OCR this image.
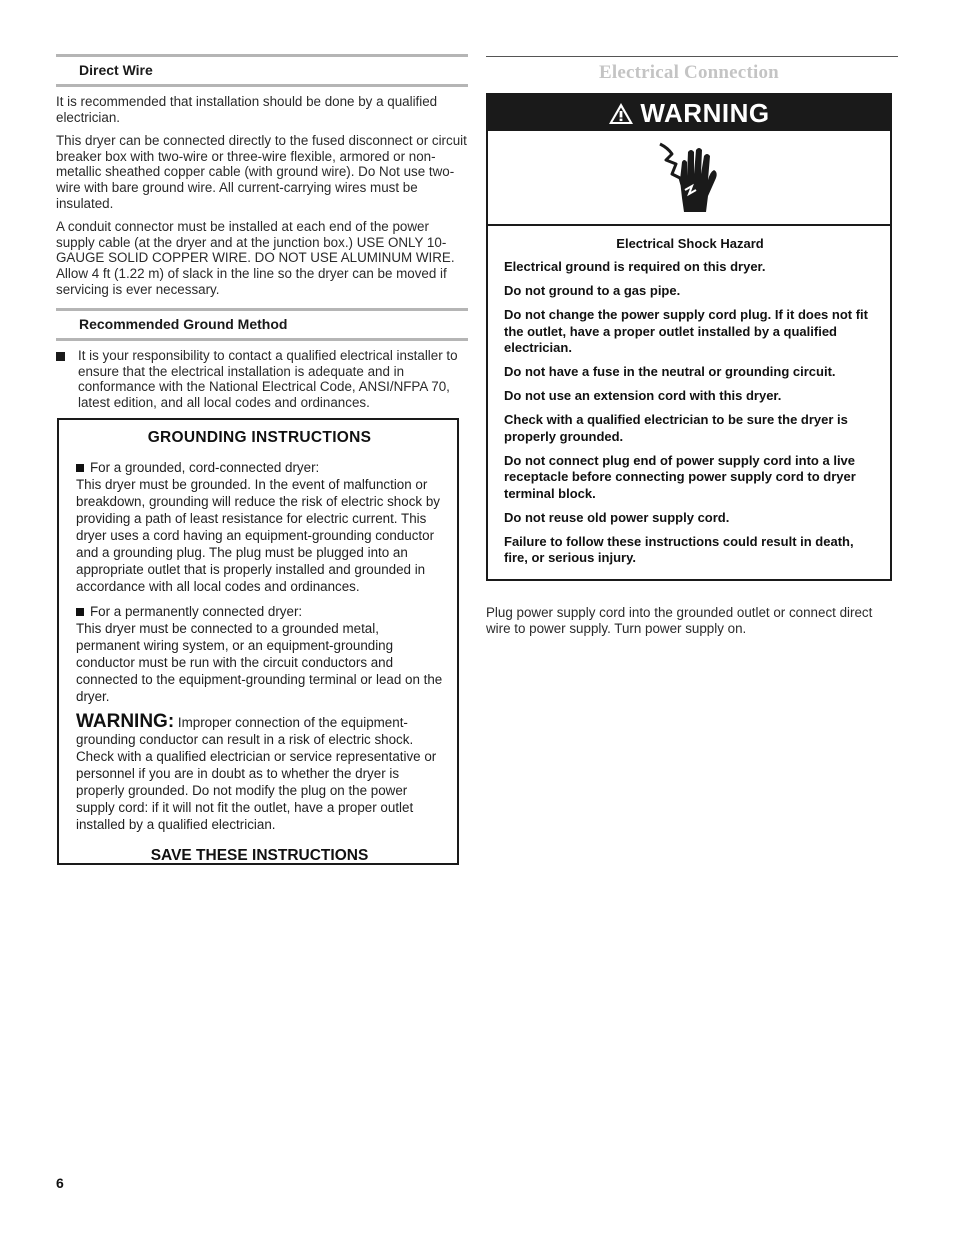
Direct Wire

It is recommended that installation should be done by a qualified electrician.

This dryer can be connected directly to the fused disconnect or circuit breaker box with two-wire or three-wire flexible, armored or non-metallic sheathed copper cable (with ground wire). Do Not use two-wire with bare ground wire. All current-carrying wires must be insulated.

A conduit connector must be installed at each end of the power supply cable (at the dryer and at the junction box.) USE ONLY 10-GAUGE SOLID COPPER WIRE. DO NOT USE ALUMINUM WIRE. Allow 4 ft (1.22 m) of slack in the line so the dryer can be moved if servicing is ever necessary.

Recommended Ground Method
It is your responsibility to contact a qualified electrical installer to ensure that the electrical installation is adequate and in conformance with the National Electrical Code, ANSI/NFPA 70, latest edition, and all local codes and ordinances.
GROUNDING INSTRUCTIONS
For a grounded, cord-connected dryer:

This dryer must be grounded. In the event of malfunction or breakdown, grounding will reduce the risk of electric shock by providing a path of least resistance for electric current. This dryer uses a cord having an equipment-grounding conductor and a grounding plug. The plug must be plugged into an appropriate outlet that is properly installed and grounded in accordance with all local codes and ordinances.

For a permanently connected dryer:

This dryer must be connected to a grounded metal, permanent wiring system, or an equipment-grounding conductor must be run with the circuit conductors and connected to the equipment-grounding terminal or lead on the dryer.

WARNING: Improper connection of the equipment-grounding conductor can result in a risk of electric shock. Check with a qualified electrician or service representative or personnel if you are in doubt as to whether the dryer is properly grounded. Do not modify the plug on the power supply cord: if it will not fit the outlet, have a proper outlet installed by a qualified electrician.

SAVE THESE INSTRUCTIONS
Electrical Connection
WARNING
Electrical Shock Hazard

Electrical ground is required on this dryer.

Do not ground to a gas pipe.

Do not change the power supply cord plug. If it does not fit the outlet, have a proper outlet installed by a qualified electrician.

Do not have a fuse in the neutral or grounding circuit.

Do not use an extension cord with this dryer.

Check with a qualified electrician to be sure the dryer is properly grounded.

Do not connect plug end of power supply cord into a live receptacle before connecting power supply cord to dryer terminal block.

Do not reuse old power supply cord.

Failure to follow these instructions could result in death, fire, or serious injury.

Plug power supply cord into the grounded outlet or connect direct wire to power supply. Turn power supply on.

6
